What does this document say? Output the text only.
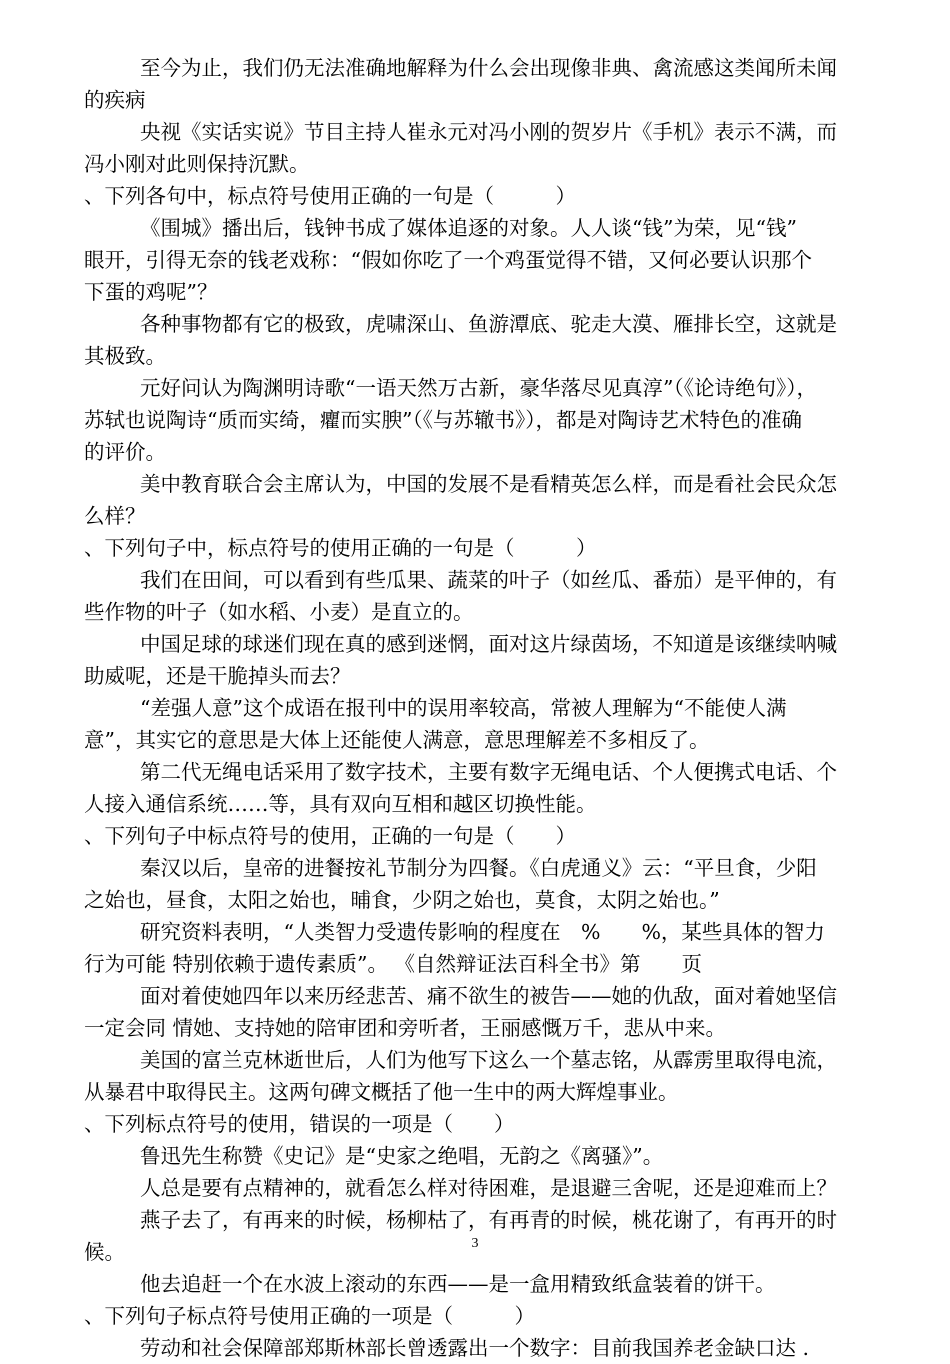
至今为止，我们仍无法准确地解释为什么会出现像非典、禽流感这类闻所未闻
的疾病
央视《实话实说》节目主持人崔永元对冯小刚的贺岁片《手机》表示不满，而
冯小刚对此则保持沉默。
、下列各句中，标点符号使用正确的一句是（　　　）
《围城》播出后，钱钟书成了媒体追逐的对象。人人谈“钱”为荣，见“钱”
眼开，引得无奈的钱老戏称：“假如你吃了一个鸡蛋觉得不错，又何必要认识那个
下蛋的鸡呢”？
各种事物都有它的极致，虎啸深山、鱼游潭底、驼走大漠、雁排长空，这就是
其极致。
元好问认为陶渊明诗歌“一语天然万古新，豪华落尽见真淳”（《论诗绝句》），
苏轼也说陶诗“质而实绮，癯而实腴”（《与苏辙书》），都是对陶诗艺术特色的准确
的评价。
美中教育联合会主席认为，中国的发展不是看精英怎么样，而是看社会民众怎
么样？
、下列句子中，标点符号的使用正确的一句是（　　　）
我们在田间，可以看到有些瓜果、蔬菜的叶子（如丝瓜、番茄）是平伸的，有
些作物的叶子（如水稻、小麦）是直立的。
中国足球的球迷们现在真的感到迷惘，面对这片绿茵场，不知道是该继续呐喊
助威呢，还是干脆掉头而去？
“差强人意”这个成语在报刊中的误用率较高，常被人理解为“不能使人满
意”，其实它的意思是大体上还能使人满意，意思理解差不多相反了。
第二代无绳电话采用了数字技术，主要有数字无绳电话、个人便携式电话、个
人接入通信系统……等，具有双向互相和越区切换性能。
、下列句子中标点符号的使用，正确的一句是（　　）
秦汉以后，皇帝的进餐按礼节制分为四餐。《白虎通义》云：“平旦食，少阳
之始也，昼食，太阳之始也，晡食，少阴之始也，莫食，太阴之始也。”
研究资料表明，“人类智力受遗传影响的程度在　%　　%，某些具体的智力
行为可能 特别依赖于遗传素质”。 《自然辩证法百科全书》第　　页
面对着使她四年以来历经悲苦、痛不欲生的被告——她的仇敌，面对着她坚信
一定会同 情她、支持她的陪审团和旁听者，王丽感慨万千，悲从中来。
美国的富兰克林逝世后，人们为他写下这么一个墓志铭，从霹雳里取得电流，
从暴君中取得民主。这两句碑文概括了他一生中的两大辉煌事业。
、下列标点符号的使用，错误的一项是（　　）
鲁迅先生称赞《史记》是“史家之绝唱，无韵之《离骚》”。
人总是要有点精神的，就看怎么样对待困难，是退避三舍呢，还是迎难而上？
燕子去了，有再来的时候，杨柳枯了，有再青的时候，桃花谢了，有再开的时
候。
他去追赶一个在水波上滚动的东西——是一盒用精致纸盒装着的饼干。
、下列句子标点符号使用正确的一项是（　　　）
劳动和社会保障部郑斯林部长曾透露出一个数字：目前我国养老金缺口达 .
3
